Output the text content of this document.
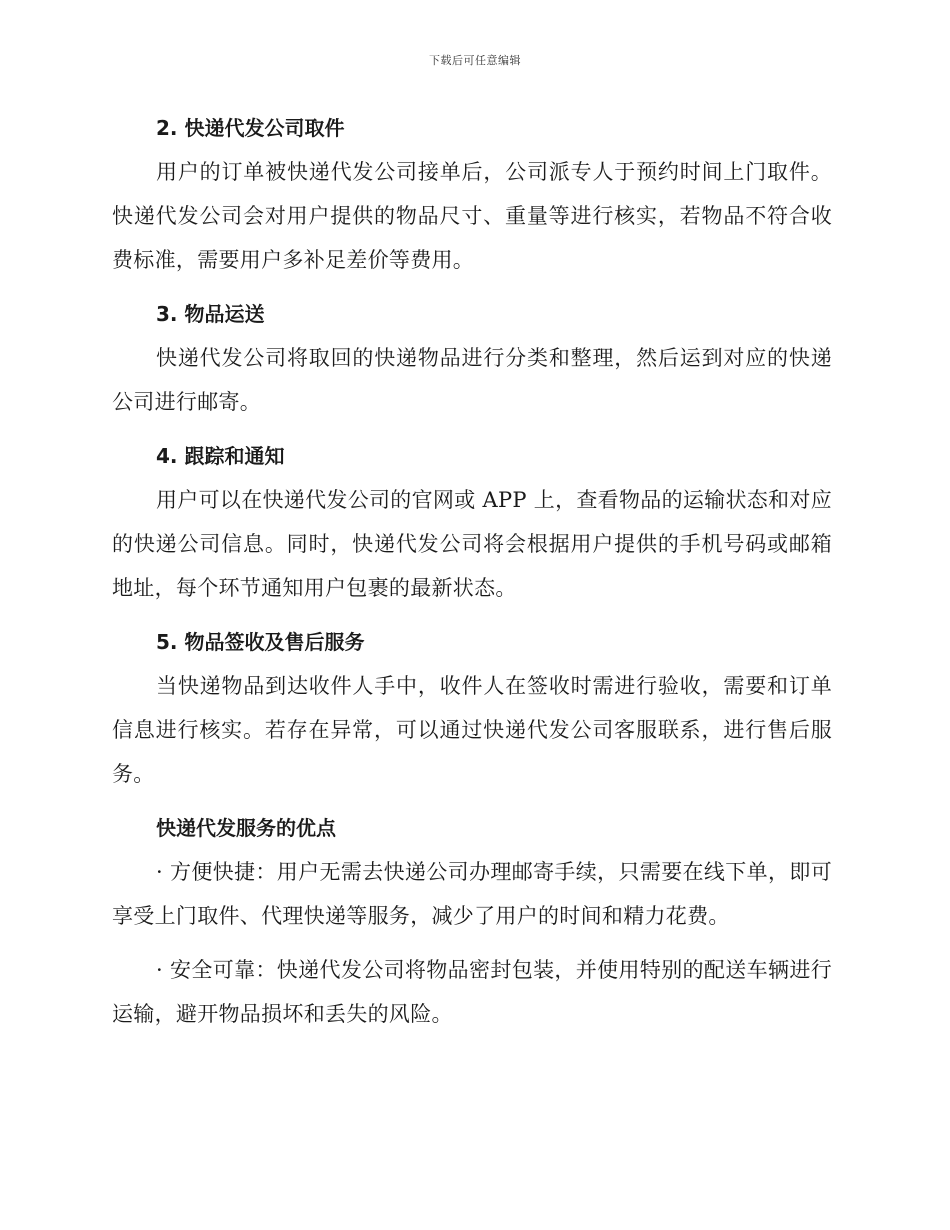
下载后可任意编辑
2. 快递代发公司取件

用户的订单被快递代发公司接单后，公司派专人于预约时间上门取件。快递代发公司会对用户提供的物品尺寸、重量等进行核实，若物品不符合收费标准，需要用户多补足差价等费用。

3. 物品运送

快递代发公司将取回的快递物品进行分类和整理，然后运到对应的快递公司进行邮寄。

4. 跟踪和通知

用户可以在快递代发公司的官网或 APP 上，查看物品的运输状态和对应的快递公司信息。同时，快递代发公司将会根据用户提供的手机号码或邮箱地址，每个环节通知用户包裹的最新状态。

5. 物品签收及售后服务

当快递物品到达收件人手中，收件人在签收时需进行验收，需要和订单信息进行核实。若存在异常，可以通过快递代发公司客服联系，进行售后服务。

快递代发服务的优点

· 方便快捷：用户无需去快递公司办理邮寄手续，只需要在线下单，即可享受上门取件、代理快递等服务，减少了用户的时间和精力花费。

· 安全可靠：快递代发公司将物品密封包装，并使用特别的配送车辆进行运输，避开物品损坏和丢失的风险。
